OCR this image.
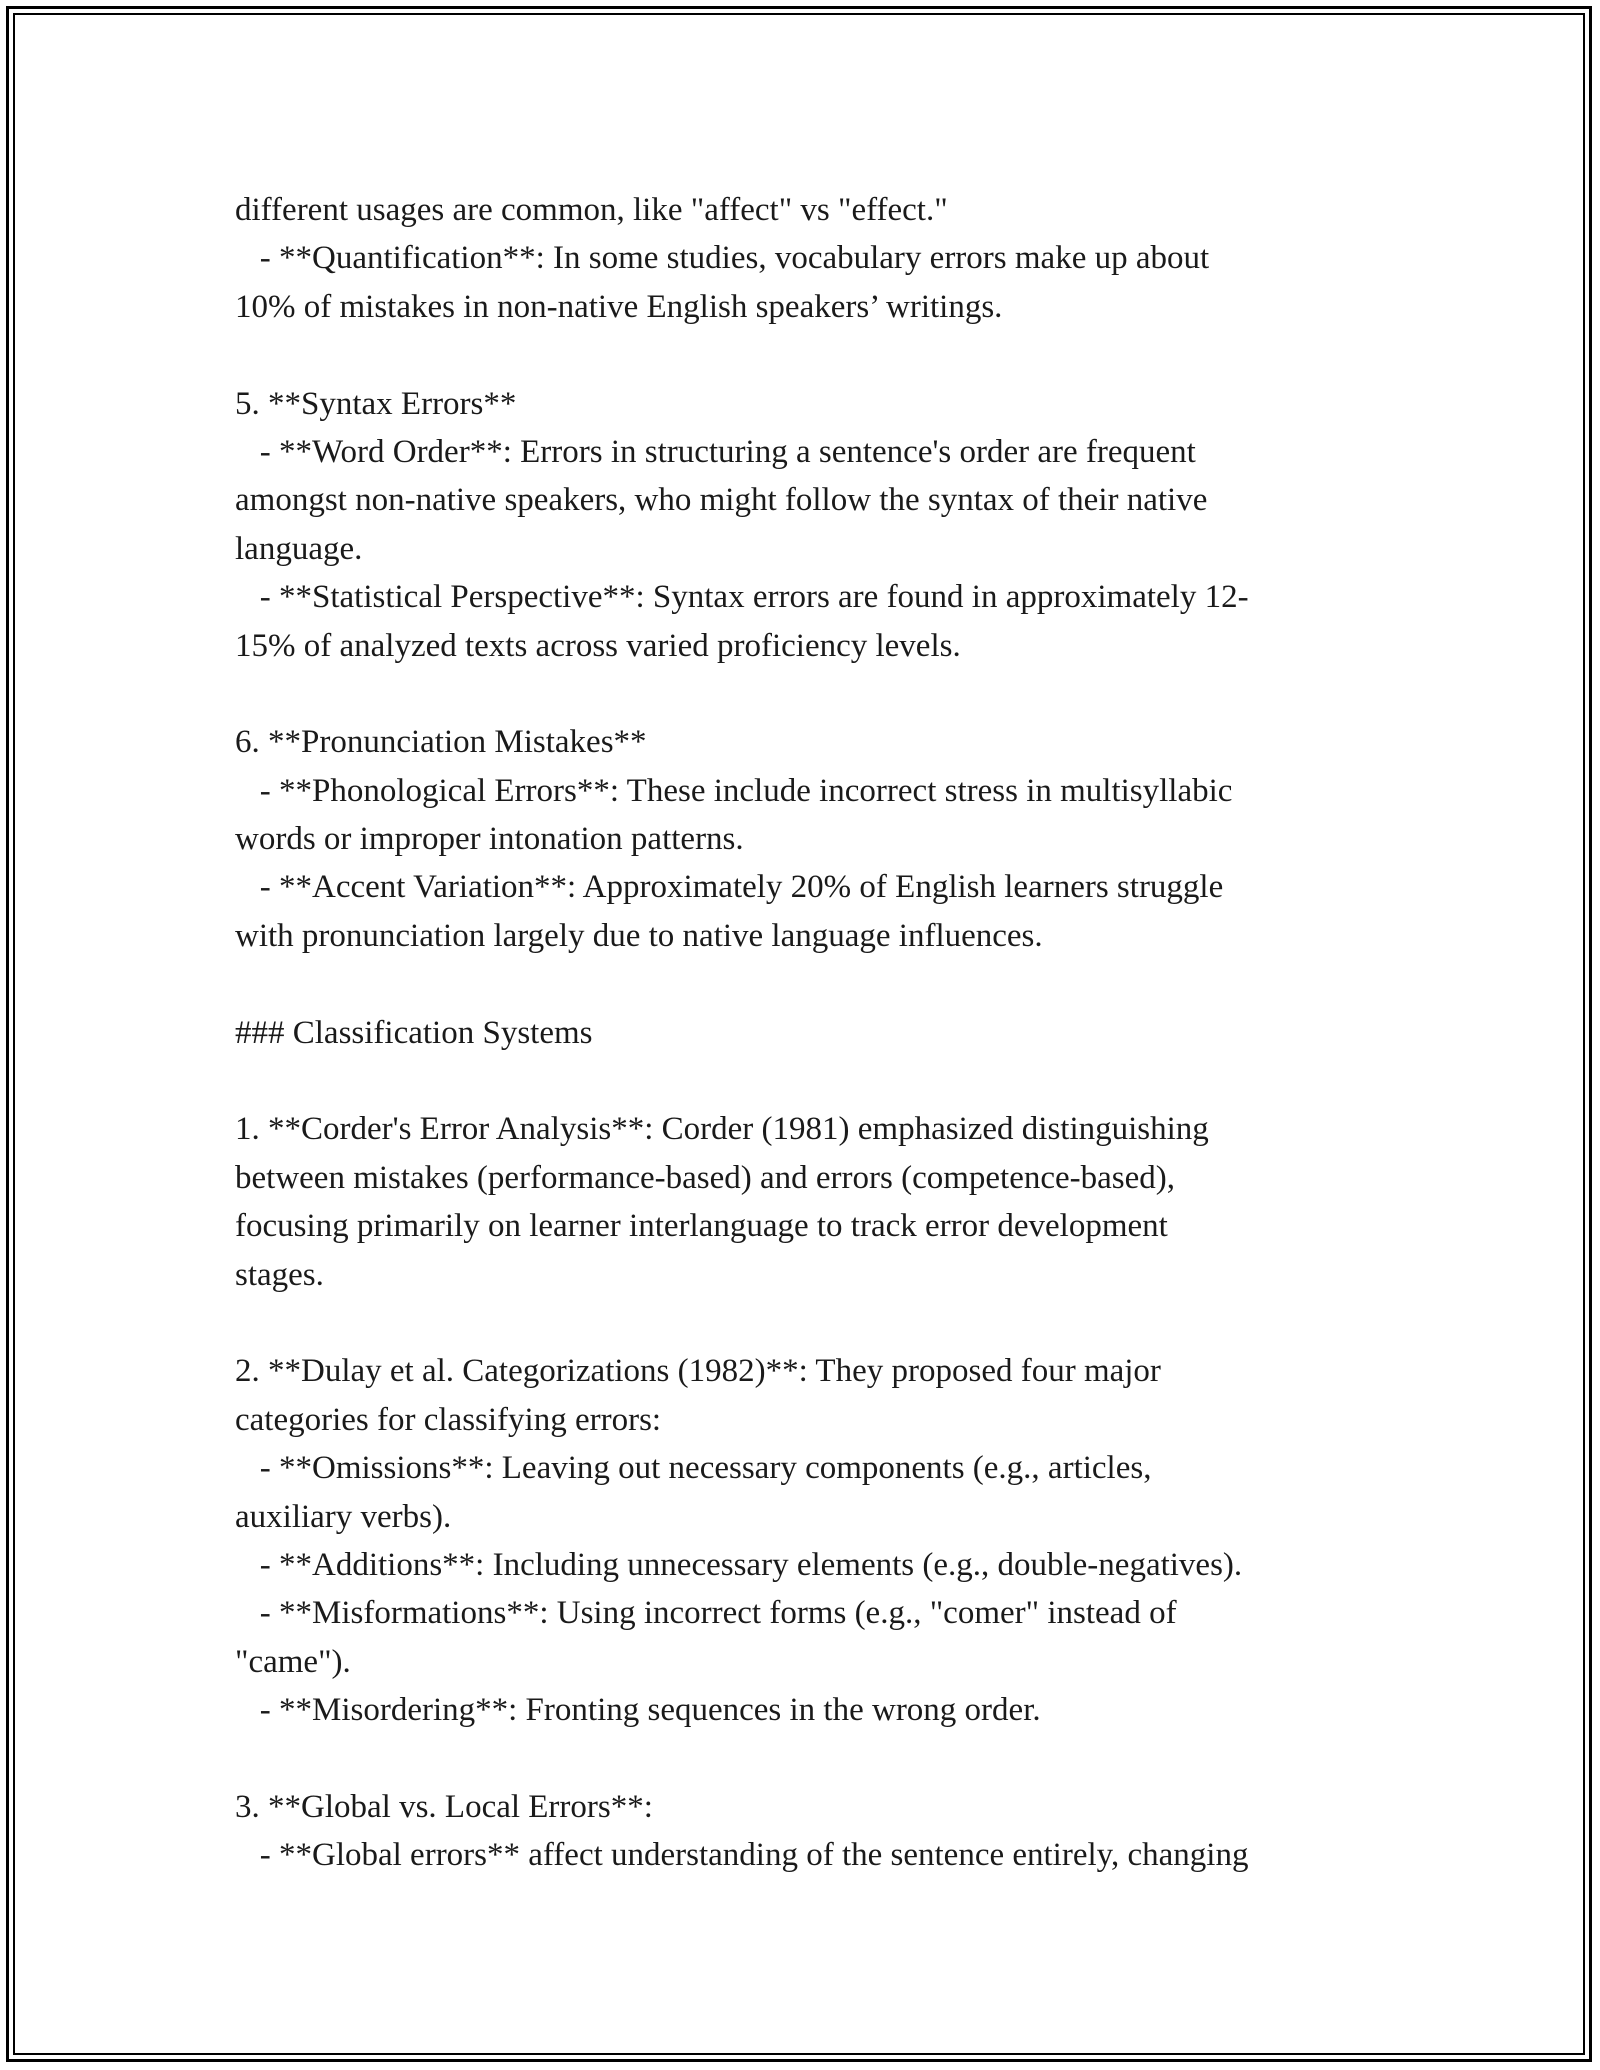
different usages are common, like "affect" vs "effect."
- **Quantification**: In some studies, vocabulary errors make up about
10% of mistakes in non-native English speakers’ writings.
5. **Syntax Errors**
- **Word Order**: Errors in structuring a sentence's order are frequent
amongst non-native speakers, who might follow the syntax of their native
language.
- **Statistical Perspective**: Syntax errors are found in approximately 12-
15% of analyzed texts across varied proficiency levels.
6. **Pronunciation Mistakes**
- **Phonological Errors**: These include incorrect stress in multisyllabic
words or improper intonation patterns.
- **Accent Variation**: Approximately 20% of English learners struggle
with pronunciation largely due to native language influences.
### Classification Systems
1. **Corder's Error Analysis**: Corder (1981) emphasized distinguishing
between mistakes (performance-based) and errors (competence-based),
focusing primarily on learner interlanguage to track error development
stages.
2. **Dulay et al. Categorizations (1982)**: They proposed four major
categories for classifying errors:
- **Omissions**: Leaving out necessary components (e.g., articles,
auxiliary verbs).
- **Additions**: Including unnecessary elements (e.g., double-negatives).
- **Misformations**: Using incorrect forms (e.g., "comer" instead of
"came").
- **Misordering**: Fronting sequences in the wrong order.
3. **Global vs. Local Errors**:
- **Global errors** affect understanding of the sentence entirely, changing
